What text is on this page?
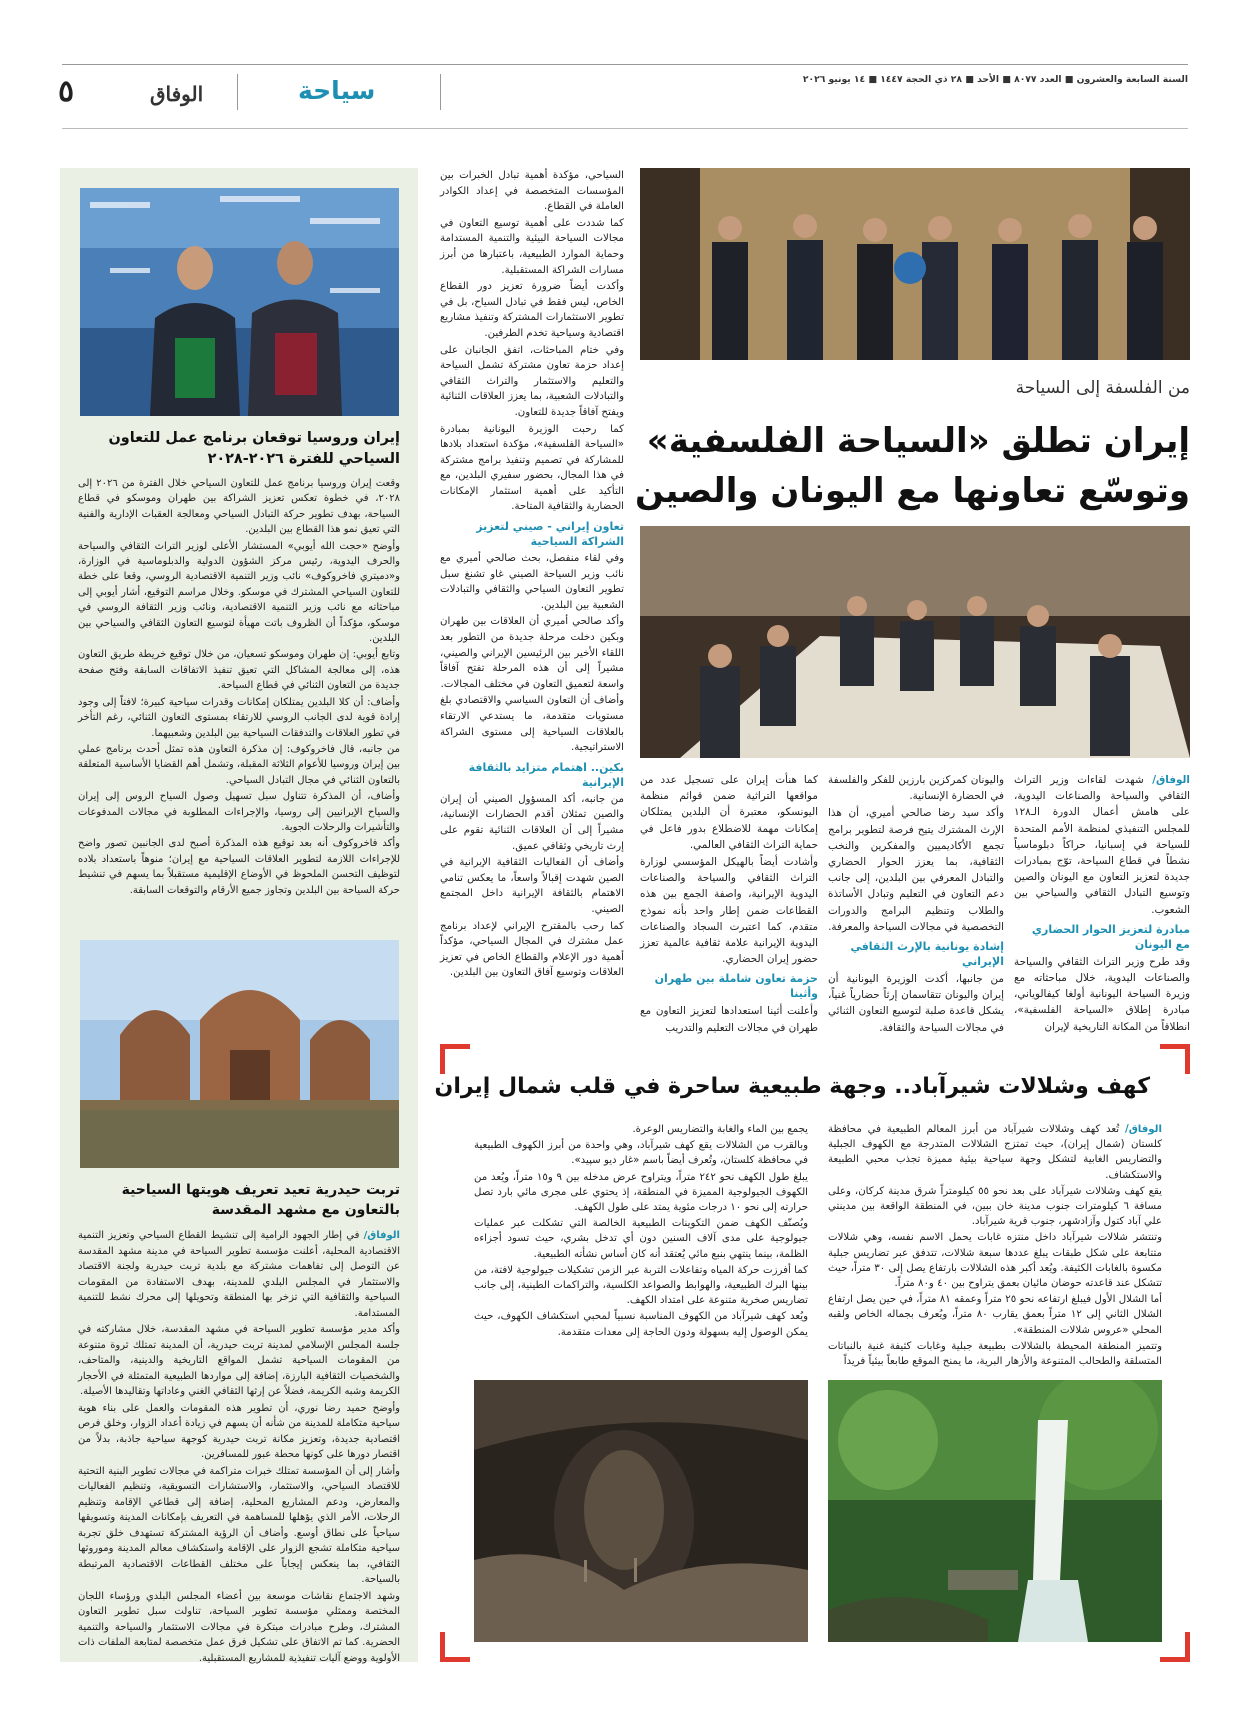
٥	الوفاق	سياحة	السنة السابعة والعشرون ■ العدد ٨٠٧٧ ■ الأحد ■ ٢٨ ذي الحجة ١٤٤٧ ■ ١٤ يونيو ٢٠٢٦
إيران وروسيا توقعان برنامج عمل للتعاون السياحي للفترة ٢٠٢٦-٢٠٢٨

وقعت إيران وروسيا برنامج عمل للتعاون السياحي خلال الفترة من ٢٠٢٦ إلى ٢٠٢٨، في خطوة تعكس تعزيز الشراكة بين طهران وموسكو في قطاع السياحة، بهدف تطوير حركة التبادل السياحي ومعالجة العقبات الإدارية والفنية التي تعيق نمو هذا القطاع بين البلدين.

وأوضح «حجت الله أيوبي» المستشار الأعلى لوزير التراث الثقافي والسياحة والحرف اليدوية، رئيس مركز الشؤون الدولية والدبلوماسية في الوزارة، و«دميتري فاخروكوف» نائب وزير التنمية الاقتصادية الروسي، وقعا على خطة للتعاون السياحي المشترك في موسكو. وخلال مراسم التوقيع، أشار أيوبي إلى مباحثاته مع نائب وزير التنمية الاقتصادية، ونائب وزير الثقافة الروسي في موسكو، مؤكداً أن الظروف باتت مهيأة لتوسيع التعاون الثقافي والسياحي بين البلدين.

وتابع أيوبي: إن طهران وموسكو تسعيان، من خلال توقيع خريطة طريق التعاون هذه، إلى معالجة المشاكل التي تعيق تنفيذ الاتفاقات السابقة وفتح صفحة جديدة من التعاون الثنائي في قطاع السياحة.

وأضاف: أن كلا البلدين يمتلكان إمكانات وقدرات سياحية كبيرة؛ لافتاً إلى وجود إرادة قوية لدى الجانب الروسي للارتقاء بمستوى التعاون الثنائي، رغم التأخر في تطور العلاقات والتدفقات السياحية بين البلدين وشعبيهما.

من جانبه، قال فاخروكوف: إن مذكرة التعاون هذه تمثل أحدث برنامج عملي بين إيران وروسيا للأعوام الثلاثة المقبلة، وتشمل أهم القضايا الأساسية المتعلقة بالتعاون الثنائي في مجال التبادل السياحي.

وأضاف، أن المذكرة تتناول سبل تسهيل وصول السياح الروس إلى إيران والسياح الإيرانيين إلى روسيا، والإجراءات المطلوبة في مجالات المدفوعات والتأشيرات والرحلات الجوية.

وأكد فاخروكوف أنه بعد توقيع هذه المذكرة أصبح لدى الجانبين تصور واضح للإجراءات اللازمة لتطوير العلاقات السياحية مع إيران؛ منوهاً باستعداد بلاده لتوظيف التحسن الملحوظ في الأوضاع الإقليمية مستقبلاً بما يسهم في تنشيط حركة السياحة بين البلدين وتجاوز جميع الأرقام والتوقعات السابقة.

تربت حيدرية تعيد تعريف هويتها السياحية بالتعاون مع مشهد المقدسة

الوفاق/ في إطار الجهود الرامية إلى تنشيط القطاع السياحي وتعزيز التنمية الاقتصادية المحلية، أعلنت مؤسسة تطوير السياحة في مدينة مشهد المقدسة عن التوصل إلى تفاهمات مشتركة مع بلدية تربت حيدرية ولجنة الاقتصاد والاستثمار في المجلس البلدي للمدينة، بهدف الاستفادة من المقومات السياحية والثقافية التي تزخر بها المنطقة وتحويلها إلى محرك نشط للتنمية المستدامة.

وأكد مدير مؤسسة تطوير السياحة في مشهد المقدسة، خلال مشاركته في جلسة المجلس الإسلامي لمدينة تربت حيدرية، أن المدينة تمتلك ثروة متنوعة من المقومات السياحية تشمل المواقع التاريخية والدينية، والمتاحف، والشخصيات الثقافية البارزة، إضافة إلى مواردها الطبيعية المتمثلة في الأحجار الكريمة وشبه الكريمة، فضلاً عن إرثها الثقافي الغني وعاداتها وتقاليدها الأصيلة.

وأوضح حميد رضا نوري، أن تطوير هذه المقومات والعمل على بناء هوية سياحية متكاملة للمدينة من شأنه أن يسهم في زيادة أعداد الزوار، وخلق فرص اقتصادية جديدة، وتعزيز مكانة تربت حيدرية كوجهة سياحية جاذبة، بدلاً من اقتصار دورها على كونها محطة عبور للمسافرين.

وأشار إلى أن المؤسسة تمتلك خبرات متراكمة في مجالات تطوير البنية التحتية للاقتصاد السياحي، والاستثمار، والاستشارات التسويقية، وتنظيم الفعاليات والمعارض، ودعم المشاريع المحلية، إضافة إلى قطاعي الإقامة وتنظيم الرحلات، الأمر الذي يؤهلها للمساهمة في التعريف بإمكانات المدينة وتسويقها سياحياً على نطاق أوسع. وأضاف أن الرؤية المشتركة تستهدف خلق تجربة سياحية متكاملة تشجع الزوار على الإقامة واستكشاف معالم المدينة وموروثها الثقافي، بما ينعكس إيجاباً على مختلف القطاعات الاقتصادية المرتبطة بالسياحة.

وشهد الاجتماع نقاشات موسعة بين أعضاء المجلس البلدي ورؤساء اللجان المختصة وممثلي مؤسسة تطوير السياحة، تناولت سبل تطوير التعاون المشترك، وطرح مبادرات مبتكرة في مجالات الاستثمار والسياحة والتنمية الحضرية. كما تم الاتفاق على تشكيل فرق عمل متخصصة لمتابعة الملفات ذات الأولوية ووضع آليات تنفيذية للمشاريع المستقبلية.

من الفلسفة إلى السياحة
إيران تطلق «السياحة الفلسفية»
وتوسّع تعاونها مع اليونان والصين

الوفاق/ شهدت لقاءات وزير التراث الثقافي والسياحة والصناعات اليدوية، على هامش أعمال الدورة الـ١٢٨ للمجلس التنفيذي لمنظمة الأمم المتحدة للسياحة في إسبانيا، حراكاً دبلوماسياً نشطاً في قطاع السياحة، توّج بمبادرات جديدة لتعزيز التعاون مع اليونان والصين وتوسيع التبادل الثقافي والسياحي بين الشعوب.

مبادرة لتعزيز الحوار الحضاري مع اليونان

وقد طرح وزير التراث الثقافي والسياحة والصناعات اليدوية، خلال مباحثاته مع وزيرة السياحة اليونانية أولغا كيفالوياني، مبادرة إطلاق «السياحة الفلسفية»، انطلاقاً من المكانة التاريخية لإيران

واليونان كمركزين بارزين للفكر والفلسفة في الحضارة الإنسانية.

وأكد سيد رضا صالحي أميري، أن هذا الإرث المشترك يتيح فرصة لتطوير برامج تجمع الأكاديميين والمفكرين والنخب الثقافية، بما يعزز الحوار الحضاري والتبادل المعرفي بين البلدين، إلى جانب دعم التعاون في التعليم وتبادل الأساتذة والطلاب وتنظيم البرامج والدورات التخصصية في مجالات السياحة والمعرفة.

إشادة يونانية بالإرث الثقافي الإيراني

من جانبها، أكدت الوزيرة اليونانية أن إيران واليونان تتقاسمان إرثاً حضارياً غنياً، يشكل قاعدة صلبة لتوسيع التعاون الثنائي في مجالات السياحة والثقافة.

كما هنأت إيران على تسجيل عدد من مواقعها التراثية ضمن قوائم منظمة اليونسكو، معتبرة أن البلدين يمتلكان إمكانات مهمة للاضطلاع بدور فاعل في حماية التراث الثقافي العالمي.

وأشادت أيضاً بالهيكل المؤسسي لوزارة التراث الثقافي والسياحة والصناعات اليدوية الإيرانية، واصفة الجمع بين هذه القطاعات ضمن إطار واحد بأنه نموذج متقدم، كما اعتبرت السجاد والصناعات اليدوية الإيرانية علامة ثقافية عالمية تعزز حضور إيران الحضاري.

حزمة تعاون شاملة بين طهران وأثينا

وأعلنت أثينا استعدادها لتعزيز التعاون مع طهران في مجالات التعليم والتدريب

السياحي، مؤكدة أهمية تبادل الخبرات بين المؤسسات المتخصصة في إعداد الكوادر العاملة في القطاع.

كما شددت على أهمية توسيع التعاون في مجالات السياحة البيئية والتنمية المستدامة وحماية الموارد الطبيعية، باعتبارها من أبرز مسارات الشراكة المستقبلية.

وأكدت أيضاً ضرورة تعزيز دور القطاع الخاص، ليس فقط في تبادل السياح، بل في تطوير الاستثمارات المشتركة وتنفيذ مشاريع اقتصادية وسياحية تخدم الطرفين.

وفي ختام المباحثات، اتفق الجانبان على إعداد حزمة تعاون مشتركة تشمل السياحة والتعليم والاستثمار والتراث الثقافي والتبادلات الشعبية، بما يعزز العلاقات الثنائية ويفتح آفاقاً جديدة للتعاون.

كما رحبت الوزيرة اليونانية بمبادرة «السياحة الفلسفية»، مؤكدة استعداد بلادها للمشاركة في تصميم وتنفيذ برامج مشتركة في هذا المجال، بحضور سفيري البلدين، مع التأكيد على أهمية استثمار الإمكانات الحضارية والثقافية المتاحة.

تعاون إيراني - صيني لتعزيز الشراكة السياحية

وفي لقاء منفصل، بحث صالحي أميري مع نائب وزير السياحة الصيني غاو تشنغ سبل تطوير التعاون السياحي والثقافي والتبادلات الشعبية بين البلدين.

وأكد صالحي أميري أن العلاقات بين طهران وبكين دخلت مرحلة جديدة من التطور بعد اللقاء الأخير بين الرئيسين الإيراني والصيني، مشيراً إلى أن هذه المرحلة تفتح آفاقاً واسعة لتعميق التعاون في مختلف المجالات.

وأضاف أن التعاون السياسي والاقتصادي بلغ مستويات متقدمة، ما يستدعي الارتقاء بالعلاقات السياحية إلى مستوى الشراكة الاستراتيجية.

بكين.. اهتمام متزايد بالثقافة الإيرانية

من جانبه، أكد المسؤول الصيني أن إيران والصين تمثلان أقدم الحضارات الإنسانية، مشيراً إلى أن العلاقات الثنائية تقوم على إرث تاريخي وثقافي عميق.

وأضاف أن الفعاليات الثقافية الإيرانية في الصين شهدت إقبالاً واسعاً، ما يعكس تنامي الاهتمام بالثقافة الإيرانية داخل المجتمع الصيني.

كما رحب بالمقترح الإيراني لإعداد برنامج عمل مشترك في المجال السياحي، مؤكداً أهمية دور الإعلام والقطاع الخاص في تعزيز العلاقات وتوسيع آفاق التعاون بين البلدين.

كهف وشلالات شيرآباد.. وجهة طبيعية ساحرة في قلب شمال إيران

الوفاق/ تُعد كهف وشلالات شيرآباد من أبرز المعالم الطبيعية في محافظة كلستان (شمال إيران)، حيث تمتزج الشلالات المتدرجة مع الكهوف الجبلية والتضاريس الغابية لتشكل وجهة سياحية بيئية مميزة تجذب محبي الطبيعة والاستكشاف.

يقع كهف وشلالات شيرآباد على بعد نحو ٥٥ كيلومتراً شرق مدينة كركان، وعلى مسافة ٦ كيلومترات جنوب مدينة خان ببين، في المنطقة الواقعة بين مدينتي علي آباد كتول وآزادشهر، جنوب قرية شيرآباد.

وتنتشر شلالات شيرآباد داخل منتزه غابات يحمل الاسم نفسه، وهي شلالات متتابعة على شكل طبقات يبلغ عددها سبعة شلالات، تتدفق عبر تضاريس جبلية مكسوة بالغابات الكثيفة. ويُعد أكبر هذه الشلالات بارتفاع يصل إلى ٣٠ متراً، حيث تتشكل عند قاعدته حوضان مائيان بعمق يتراوح بين ٤٠ و٨٠ متراً.

أما الشلال الأول فيبلغ ارتفاعه نحو ٢٥ متراً وعمقه ٨١ متراً، في حين يصل ارتفاع الشلال الثاني إلى ١٢ متراً بعمق يقارب ٨٠ متراً، ويُعرف بجماله الخاص ولقبه المحلي «عروس شلالات المنطقة».

وتتميز المنطقة المحيطة بالشلالات بطبيعة جبلية وغابات كثيفة غنية بالنباتات المتسلقة والطحالب المتنوعة والأزهار البرية، ما يمنح الموقع طابعاً بيئياً فريداً

يجمع بين الماء والغابة والتضاريس الوعرة.

وبالقرب من الشلالات يقع كهف شيرآباد، وهي واحدة من أبرز الكهوف الطبيعية في محافظة كلستان، وتُعرف أيضاً باسم «غار ديو سپيد».

يبلغ طول الكهف نحو ٢٤٢ متراً، ويتراوح عرض مدخله بين ٩ و١٥ متراً، ويُعد من الكهوف الجيولوجية المميزة في المنطقة، إذ يحتوي على مجرى مائي بارد تصل حرارته إلى نحو ١٠ درجات مئوية يمتد على طول الكهف.

ويُصنّف الكهف ضمن التكوينات الطبيعية الخالصة التي تشكلت عبر عمليات جيولوجية على مدى آلاف السنين دون أي تدخل بشري، حيث تسود أجزاءه الظلمة، بينما ينتهي بنبع مائي يُعتقد أنه كان أساس نشأته الطبيعية.

كما أفرزت حركة المياه وتفاعلات التربة عبر الزمن تشكيلات جيولوجية لافتة، من بينها البرك الطبيعية، والهوابط والصواعد الكلسية، والتراكمات الطينية، إلى جانب تضاريس صخرية متنوعة على امتداد الكهف.

ويُعد كهف شيرآباد من الكهوف المناسبة نسبياً لمحبي استكشاف الكهوف، حيث يمكن الوصول إليه بسهولة ودون الحاجة إلى معدات متقدمة.
